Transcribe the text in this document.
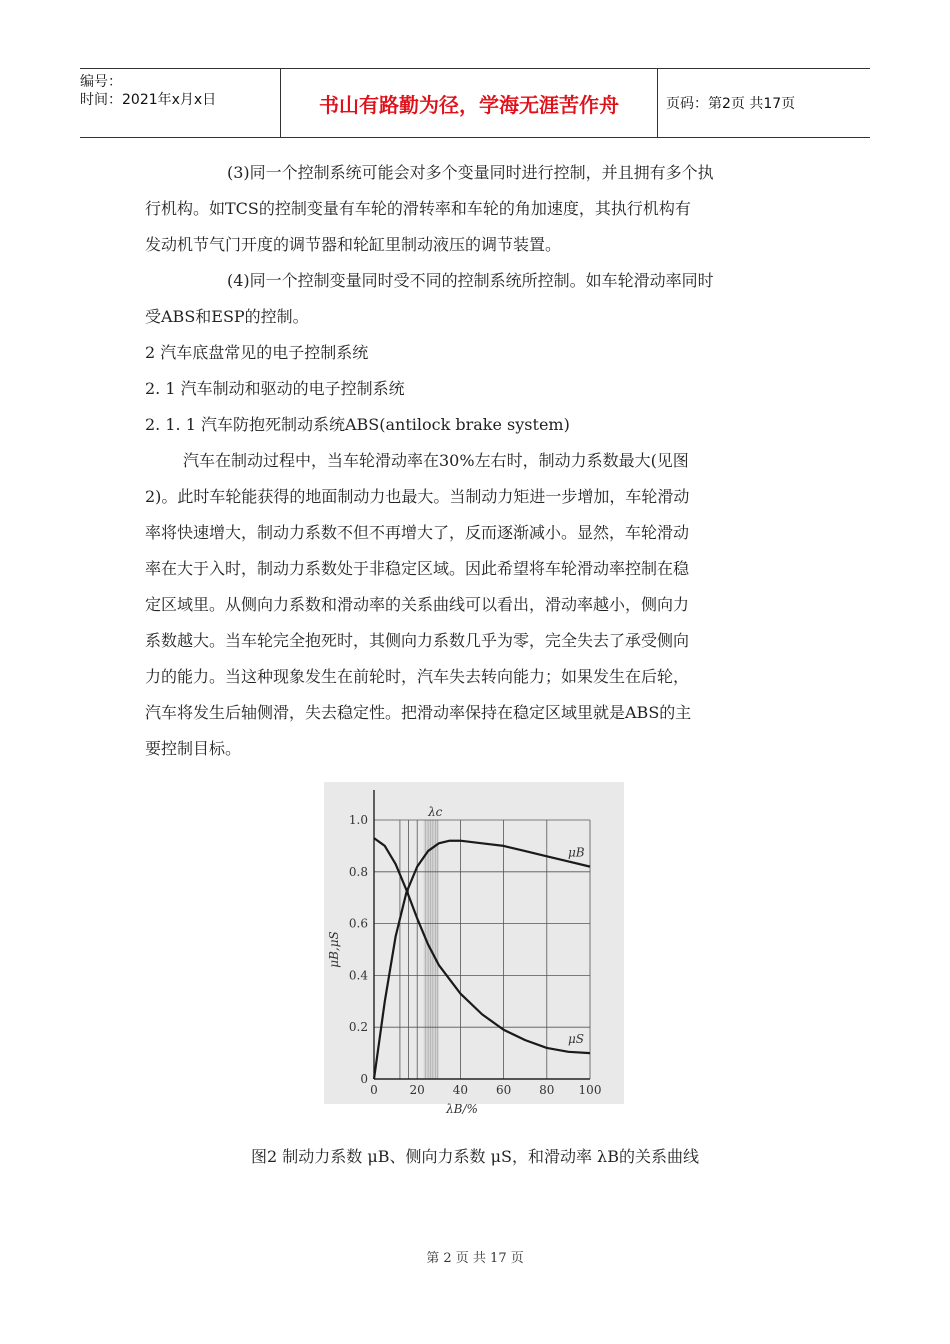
编号：
时间：2021年x月x日	书山有路勤为径，学海无涯苦作舟	页码：第2页 共17页

(3)同一个控制系统可能会对多个变量同时进行控制，并且拥有多个执

行机构。如TCS的控制变量有车轮的滑转率和车轮的角加速度，其执行机构有

发动机节气门开度的调节器和轮缸里制动液压的调节装置。

(4)同一个控制变量同时受不同的控制系统所控制。如车轮滑动率同时

受ABS和ESP的控制。

2 汽车底盘常见的电子控制系统

2. 1 汽车制动和驱动的电子控制系统

2. 1. 1 汽车防抱死制动系统ABS(antilock brake system)

汽车在制动过程中，当车轮滑动率在30%左右时，制动力系数最大(见图

2)。此时车轮能获得的地面制动力也最大。当制动力矩进一步增加，车轮滑动

率将快速增大，制动力系数不但不再增大了，反而逐渐减小。显然，车轮滑动

率在大于入时，制动力系数处于非稳定区域。因此希望将车轮滑动率控制在稳

定区域里。从侧向力系数和滑动率的关系曲线可以看出，滑动率越小，侧向力

系数越大。当车轮完全抱死时，其侧向力系数几乎为零，完全失去了承受侧向

力的能力。当这种现象发生在前轮时，汽车失去转向能力；如果发生在后轮，

汽车将发生后轴侧滑，失去稳定性。把滑动率保持在稳定区域里就是ABS的主

要控制目标。

0
0.2
0.4
0.6
0.8
1.0
0	20 40 60 80 100
λB/%
μB,μS
λc
μB
μS
图2 制动力系数 μB、侧向力系数 μS，和滑动率 λB的关系曲线
第 2 页 共 17 页
